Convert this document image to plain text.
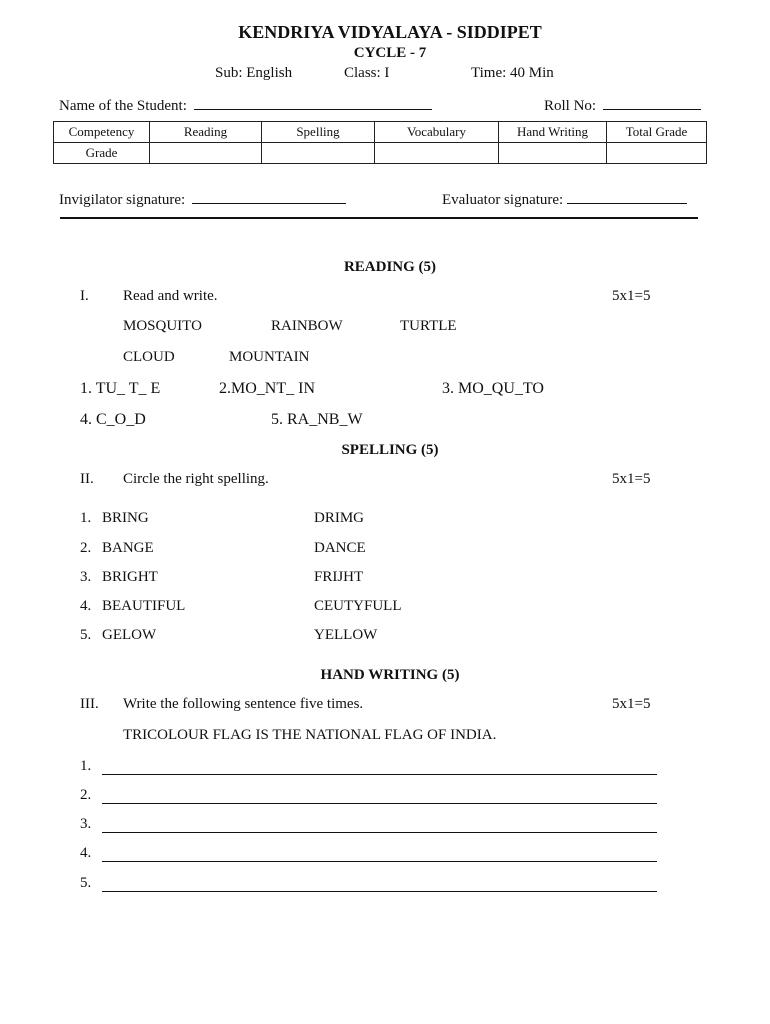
KENDRIYA VIDYALAYA - SIDDIPET
CYCLE - 7
Sub: English	Class: I	Time: 40 Min
Name of the Student:	Roll No:
Competency	Reading	Spelling	Vocabulary	Hand Writing	Total Grade
Grade					
Invigilator signature:	Evaluator signature:
READING (5)
I. Read and write.	5x1=5
MOSQUITO	RAINBOW	TURTLE
CLOUD	MOUNTAIN
1. TU_ T_ E	2.MO_NT_ IN	3. MO_QU_TO
4. C_O_D	5. RA_NB_W
SPELLING (5)
II. Circle the right spelling.	5x1=5
1. BRING	DRIMG
2. BANGE	DANCE
3. BRIGHT	FRIJHT
4. BEAUTIFUL	CEUTYFULL
5. GELOW	YELLOW
HAND WRITING (5)
III. Write the following sentence five times.	5x1=5
TRICOLOUR FLAG IS THE NATIONAL FLAG OF INDIA.
1.
2.
3.
4.
5.
